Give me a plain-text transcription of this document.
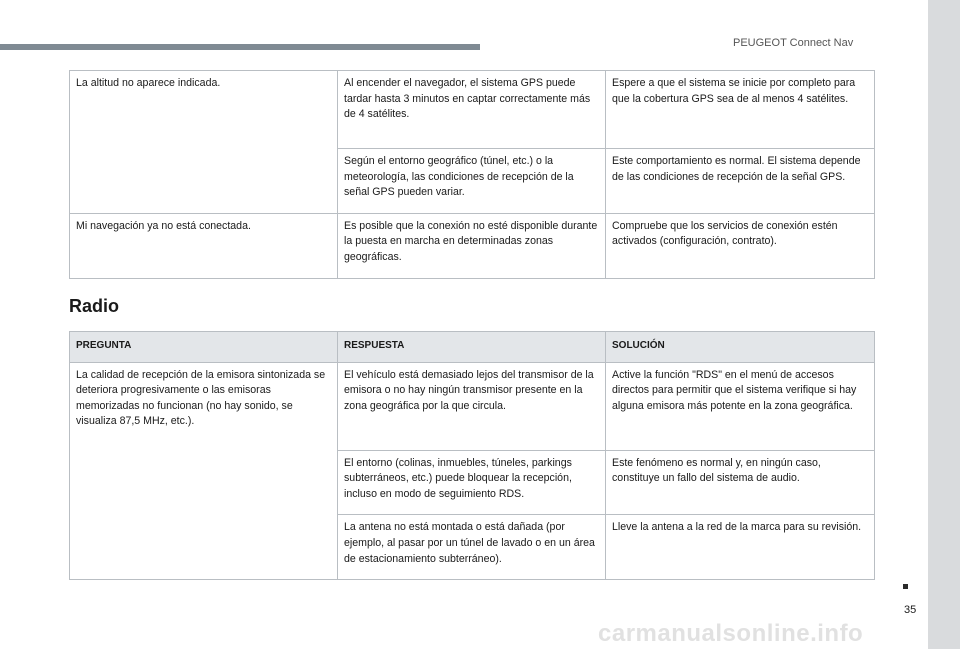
PEUGEOT Connect Nav
La altitud no aparece indicada.	Al encender el navegador, el sistema GPS puede tardar hasta 3 minutos en captar correctamente más de 4 satélites.	Espere a que el sistema se inicie por completo para que la cobertura GPS sea de al menos 4 satélites.
	Según el entorno geográfico (túnel, etc.) o la meteorología, las condiciones de recepción de la señal GPS pueden variar.	Este comportamiento es normal. El sistema depende de las condiciones de recepción de la señal GPS.
Mi navegación ya no está conectada.	Es posible que la conexión no esté disponible durante la puesta en marcha en determinadas zonas geográficas.	Compruebe que los servicios de conexión estén activados (configuración, contrato).
Radio
PREGUNTA	RESPUESTA	SOLUCIÓN
La calidad de recepción de la emisora sintonizada se deteriora progresivamente o las emisoras memorizadas no funcionan (no hay sonido, se visualiza 87,5 MHz, etc.).	El vehículo está demasiado lejos del transmisor de la emisora o no hay ningún transmisor presente en la zona geográfica por la que circula.	Active la función "RDS" en el menú de accesos directos para permitir que el sistema verifique si hay alguna emisora más potente en la zona geográfica.
	El entorno (colinas, inmuebles, túneles, parkings subterráneos, etc.) puede bloquear la recepción, incluso en modo de seguimiento RDS.	Este fenómeno es normal y, en ningún caso, constituye un fallo del sistema de audio.
	La antena no está montada o está dañada (por ejemplo, al pasar por un túnel de lavado o en un área de estacionamiento subterráneo).	Lleve la antena a la red de la marca para su revisión.
35
carmanualsonline.info
